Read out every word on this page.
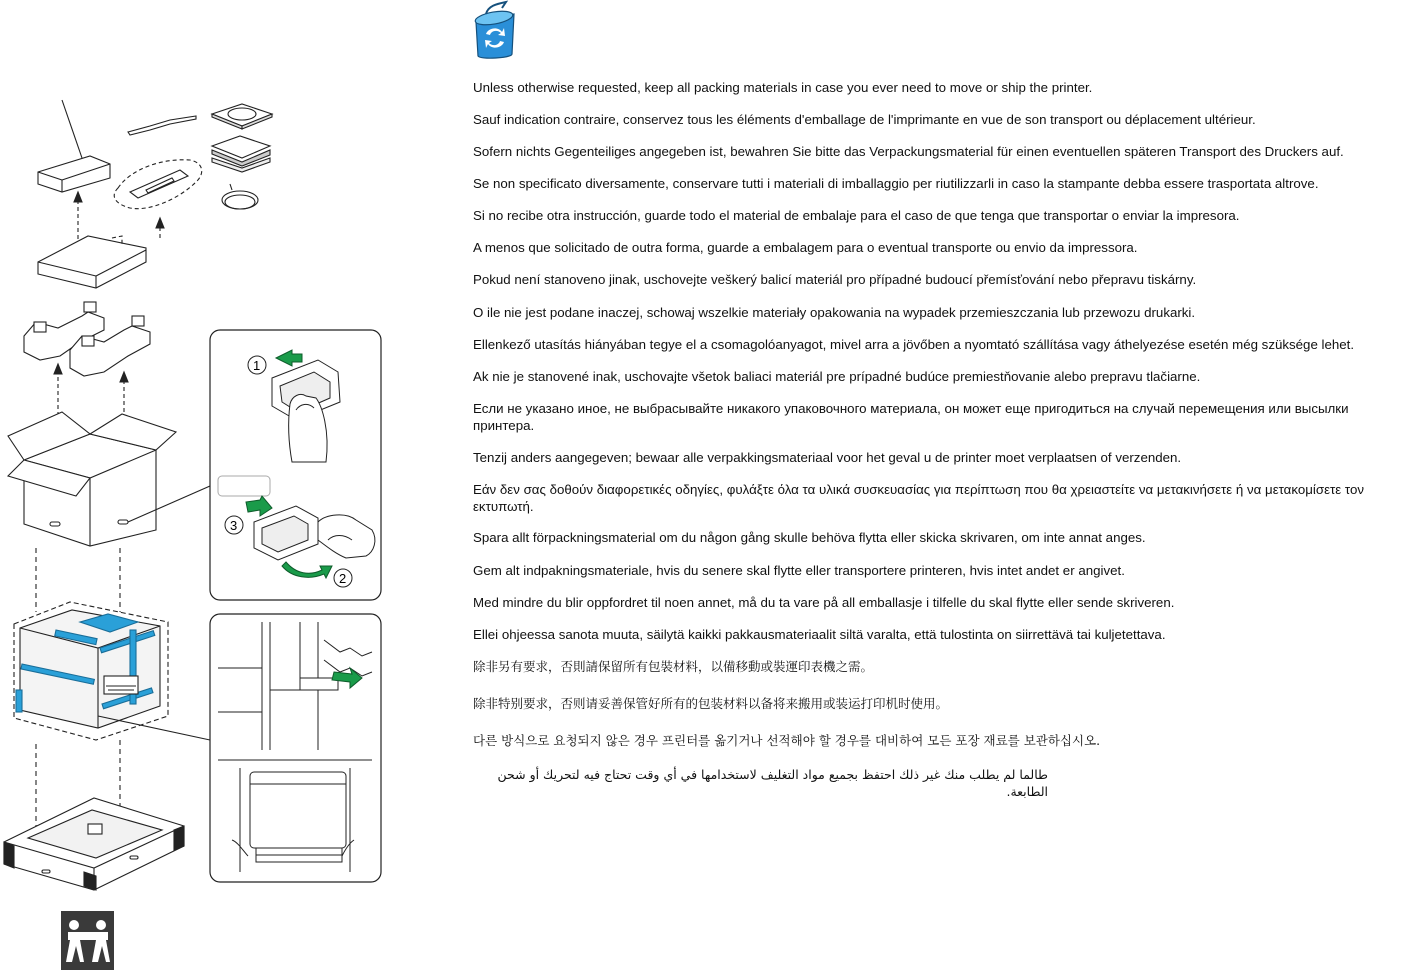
1
3
2

Unless otherwise requested, keep all packing materials in case you ever need to move or ship the printer.

Sauf indication contraire, conservez tous les éléments d'emballage de l'imprimante en vue de son transport ou déplacement ultérieur.

Sofern nichts Gegenteiliges angegeben ist, bewahren Sie bitte das Verpackungsmaterial für einen eventuellen späteren Transport des Druckers auf.

Se non specificato diversamente, conservare tutti i materiali di imballaggio per riutilizzarli in caso la stampante debba essere trasportata altrove.

Si no recibe otra instrucción, guarde todo el material de embalaje para el caso de que tenga que transportar o enviar la impresora.

A menos que solicitado de outra forma, guarde a embalagem para o eventual transporte ou envio da impressora.

Pokud není stanoveno jinak, uschovejte veškerý balicí materiál pro případné budoucí přemísťování nebo přepravu tiskárny.

O ile nie jest podane inaczej, schowaj wszelkie materiały opakowania na wypadek przemieszczania lub przewozu drukarki.

Ellenkező utasítás hiányában tegye el a csomagolóanyagot, mivel arra a jövőben a nyomtató szállítása vagy áthelyezése esetén még szüksége lehet.

Ak nie je stanovené inak, uschovajte všetok baliaci materiál pre prípadné budúce premiestňovanie alebo prepravu tlačiarne.

Если не указано иное, не выбрасывайте никакого упаковочного материала, он может еще пригодиться на случай перемещения или высылки принтера.

Tenzij anders aangegeven; bewaar alle verpakkingsmateriaal voor het geval u de printer moet verplaatsen of verzenden.

Εάν δεν σας δοθούν διαφορετικές οδηγίες, φυλάξτε όλα τα υλικά συσκευασίας για περίπτωση που θα χρειαστείτε να μετακινήσετε ή να μετακομίσετε τον εκτυπωτή.

Spara allt förpackningsmaterial om du någon gång skulle behöva flytta eller skicka skrivaren, om inte annat anges.

Gem alt indpakningsmateriale, hvis du senere skal flytte eller transportere printeren, hvis intet andet er angivet.

Med mindre du blir oppfordret til noen annet, må du ta vare på all emballasje i tilfelle du skal flytte eller sende skriveren.

Ellei ohjeessa sanota muuta, säilytä kaikki pakkausmateriaalit siltä varalta, että tulostinta on siirrettävä tai kuljetettava.

除非另有要求，否則請保留所有包裝材料，以備移動或裝運印表機之需。

除非特别要求，否则请妥善保管好所有的包装材料以备将来搬用或装运打印机时使用。

다른 방식으로 요청되지 않은 경우 프린터를 옮기거나 선적해야 할 경우를 대비하여 모든 포장 재료를 보관하십시오.

طالما لم يطلب منك غير ذلك احتفظ بجميع مواد التغليف لاستخدامها في أي وقت تحتاج فيه لتحريك أو شحن الطابعة.
